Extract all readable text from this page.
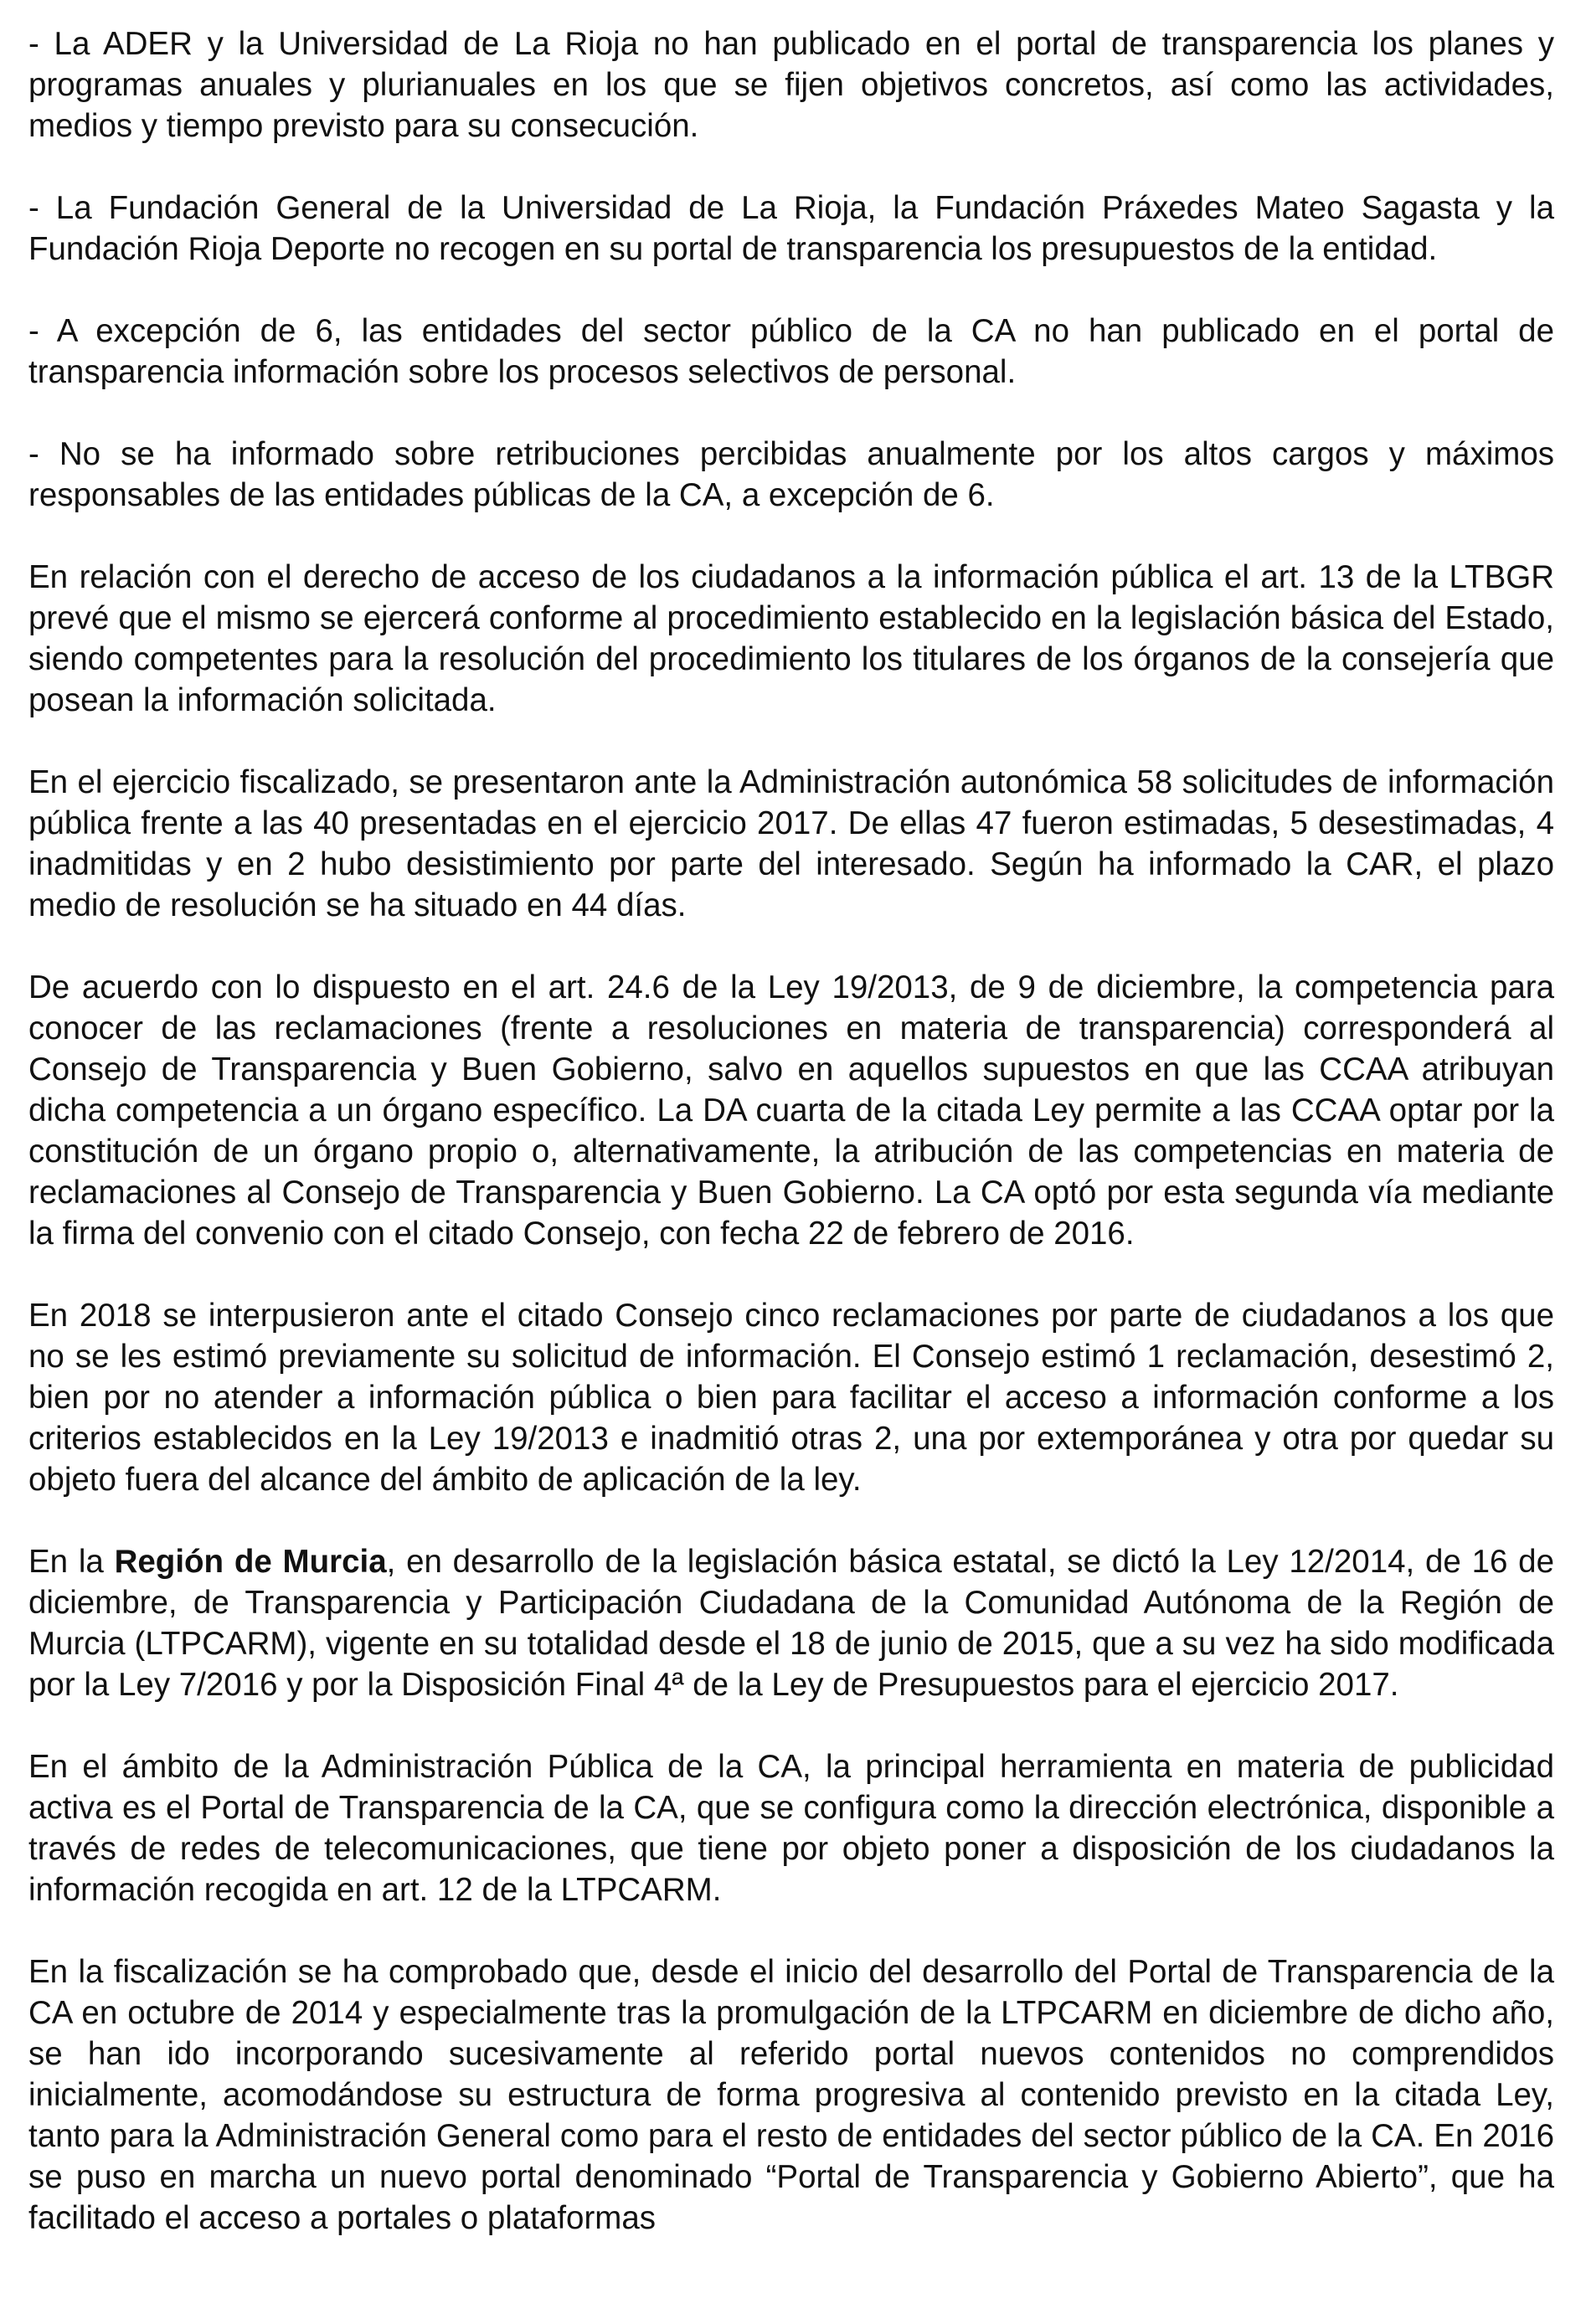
- La ADER y la Universidad de La Rioja no han publicado en el portal de transparencia los planes y programas anuales y plurianuales en los que se fijen objetivos concretos, así como las actividades, medios y tiempo previsto para su consecución.

- La Fundación General de la Universidad de La Rioja, la Fundación Práxedes Mateo Sagasta y la Fundación Rioja Deporte no recogen en su portal de transparencia los presupuestos de la entidad.

- A excepción de 6, las entidades del sector público de la CA no han publicado en el portal de transparencia información sobre los procesos selectivos de personal.

- No se ha informado sobre retribuciones percibidas anualmente por los altos cargos y máximos responsables de las entidades públicas de la CA, a excepción de 6.

En relación con el derecho de acceso de los ciudadanos a la información pública el art. 13 de la LTBGR prevé que el mismo se ejercerá conforme al procedimiento establecido en la legislación básica del Estado, siendo competentes para la resolución del procedimiento los titulares de los órganos de la consejería que posean la información solicitada.

En el ejercicio fiscalizado, se presentaron ante la Administración autonómica 58 solicitudes de información pública frente a las 40 presentadas en el ejercicio 2017. De ellas 47 fueron estimadas, 5 desestimadas, 4 inadmitidas y en 2 hubo desistimiento por parte del interesado. Según ha informado la CAR, el plazo medio de resolución se ha situado en 44 días.

De acuerdo con lo dispuesto en el art. 24.6 de la Ley 19/2013, de 9 de diciembre, la competencia para conocer de las reclamaciones (frente a resoluciones en materia de transparencia) corresponderá al Consejo de Transparencia y Buen Gobierno, salvo en aquellos supuestos en que las CCAA atribuyan dicha competencia a un órgano específico. La DA cuarta de la citada Ley permite a las CCAA optar por la constitución de un órgano propio o, alternativamente, la atribución de las competencias en materia de reclamaciones al Consejo de Transparencia y Buen Gobierno. La CA optó por esta segunda vía mediante la firma del convenio con el citado Consejo, con fecha 22 de febrero de 2016.

En 2018 se interpusieron ante el citado Consejo cinco reclamaciones por parte de ciudadanos a los que no se les estimó previamente su solicitud de información. El Consejo estimó 1 reclamación, desestimó 2, bien por no atender a información pública o bien para facilitar el acceso a información conforme a los criterios establecidos en la Ley 19/2013 e inadmitió otras 2, una por extemporánea y otra por quedar su objeto fuera del alcance del ámbito de aplicación de la ley.

En la Región de Murcia, en desarrollo de la legislación básica estatal, se dictó la Ley 12/2014, de 16 de diciembre, de Transparencia y Participación Ciudadana de la Comunidad Autónoma de la Región de Murcia (LTPCARM), vigente en su totalidad desde el 18 de junio de 2015, que a su vez ha sido modificada por la Ley 7/2016 y por la Disposición Final 4ª de la Ley de Presupuestos para el ejercicio 2017.

En el ámbito de la Administración Pública de la CA, la principal herramienta en materia de publicidad activa es el Portal de Transparencia de la CA, que se configura como la dirección electrónica, disponible a través de redes de telecomunicaciones, que tiene por objeto poner a disposición de los ciudadanos la información recogida en art. 12 de la LTPCARM.

En la fiscalización se ha comprobado que, desde el inicio del desarrollo del Portal de Transparencia de la CA en octubre de 2014 y especialmente tras la promulgación de la LTPCARM en diciembre de dicho año, se han ido incorporando sucesivamente al referido portal nuevos contenidos no comprendidos inicialmente, acomodándose su estructura de forma progresiva al contenido previsto en la citada Ley, tanto para la Administración General como para el resto de entidades del sector público de la CA. En 2016 se puso en marcha un nuevo portal denominado “Portal de Transparencia y Gobierno Abierto”, que ha facilitado el acceso a portales o plataformas
